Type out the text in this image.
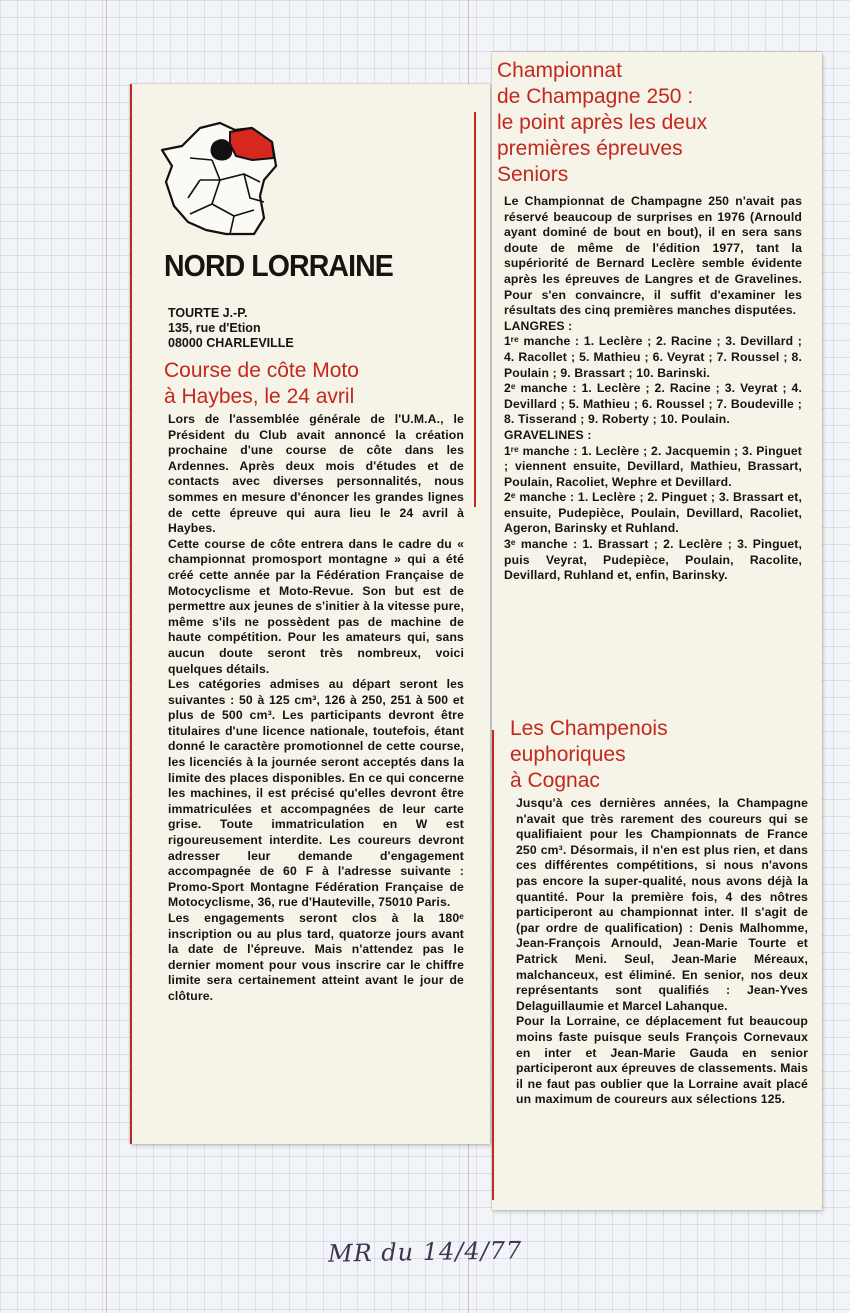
NORD LORRAINE
TOURTE J.-P.
135, rue d'Etion
08000 CHARLEVILLE
Course de côte Moto
à Haybes, le 24 avril

Lors de l'assemblée générale de l'U.M.A., le Président du Club avait annoncé la création prochaine d'une course de côte dans les Ardennes. Après deux mois d'études et de contacts avec diverses personnalités, nous sommes en mesure d'énoncer les grandes lignes de cette épreuve qui aura lieu le 24 avril à Haybes.

Cette course de côte entrera dans le cadre du « championnat promosport montagne » qui a été créé cette année par la Fédération Française de Motocyclisme et Moto-Revue. Son but est de permettre aux jeunes de s'initier à la vitesse pure, même s'ils ne possèdent pas de machine de haute compétition. Pour les amateurs qui, sans aucun doute seront très nombreux, voici quelques détails.

Les catégories admises au départ seront les suivantes : 50 à 125 cm³, 126 à 250, 251 à 500 et plus de 500 cm³. Les participants devront être titulaires d'une licence nationale, toutefois, étant donné le caractère promotionnel de cette course, les licenciés à la journée seront acceptés dans la limite des places disponibles. En ce qui concerne les machines, il est précisé qu'elles devront être immatriculées et accompagnées de leur carte grise. Toute immatriculation en W est rigoureusement interdite. Les coureurs devront adresser leur demande d'engagement accompagnée de 60 F à l'adresse suivante : Promo-Sport Montagne Fédération Française de Motocyclisme, 36, rue d'Hauteville, 75010 Paris.

Les engagements seront clos à la 180ᵉ inscription ou au plus tard, quatorze jours avant la date de l'épreuve. Mais n'attendez pas le dernier moment pour vous inscrire car le chiffre limite sera certainement atteint avant le jour de clôture.

Championnat
de Champagne 250 :
le point après les deux
premières épreuves
Seniors

Le Championnat de Champagne 250 n'avait pas réservé beaucoup de surprises en 1976 (Arnould ayant dominé de bout en bout), il en sera sans doute de même de l'édition 1977, tant la supériorité de Bernard Leclère semble évidente après les épreuves de Langres et de Gravelines. Pour s'en convaincre, il suffit d'examiner les résultats des cinq premières manches disputées.

LANGRES :

1ʳᵉ manche : 1. Leclère ; 2. Racine ; 3. Devillard ; 4. Racollet ; 5. Mathieu ; 6. Veyrat ; 7. Roussel ; 8. Poulain ; 9. Brassart ; 10. Barinski.

2ᵉ manche : 1. Leclère ; 2. Racine ; 3. Veyrat ; 4. Devillard ; 5. Mathieu ; 6. Roussel ; 7. Boudeville ; 8. Tisserand ; 9. Roberty ; 10. Poulain.

GRAVELINES :

1ʳᵉ manche : 1. Leclère ; 2. Jacquemin ; 3. Pinguet ; viennent ensuite, Devillard, Mathieu, Brassart, Poulain, Racoliet, Wephre et Devillard.

2ᵉ manche : 1. Leclère ; 2. Pinguet ; 3. Brassart et, ensuite, Pudepièce, Poulain, Devillard, Racoliet, Ageron, Barinsky et Ruhland.

3ᵉ manche : 1. Brassart ; 2. Leclère ; 3. Pinguet, puis Veyrat, Pudepièce, Poulain, Racolite, Devillard, Ruhland et, enfin, Barinsky.

Les Champenois
euphoriques
à Cognac

Jusqu'à ces dernières années, la Champagne n'avait que très rarement des coureurs qui se qualifiaient pour les Championnats de France 250 cm³. Désormais, il n'en est plus rien, et dans ces différentes compétitions, si nous n'avons pas encore la super-qualité, nous avons déjà la quantité. Pour la première fois, 4 des nôtres participeront au championnat inter. Il s'agit de (par ordre de qualification) : Denis Malhomme, Jean-François Arnould, Jean-Marie Tourte et Patrick Meni. Seul, Jean-Marie Méreaux, malchanceux, est éliminé. En senior, nos deux représentants sont qualifiés : Jean-Yves Delaguillaumie et Marcel Lahanque.

Pour la Lorraine, ce déplacement fut beaucoup moins faste puisque seuls François Cornevaux en inter et Jean-Marie Gauda en senior participeront aux épreuves de classements. Mais il ne faut pas oublier que la Lorraine avait placé un maximum de coureurs aux sélections 125.

MR du 14/4/77
